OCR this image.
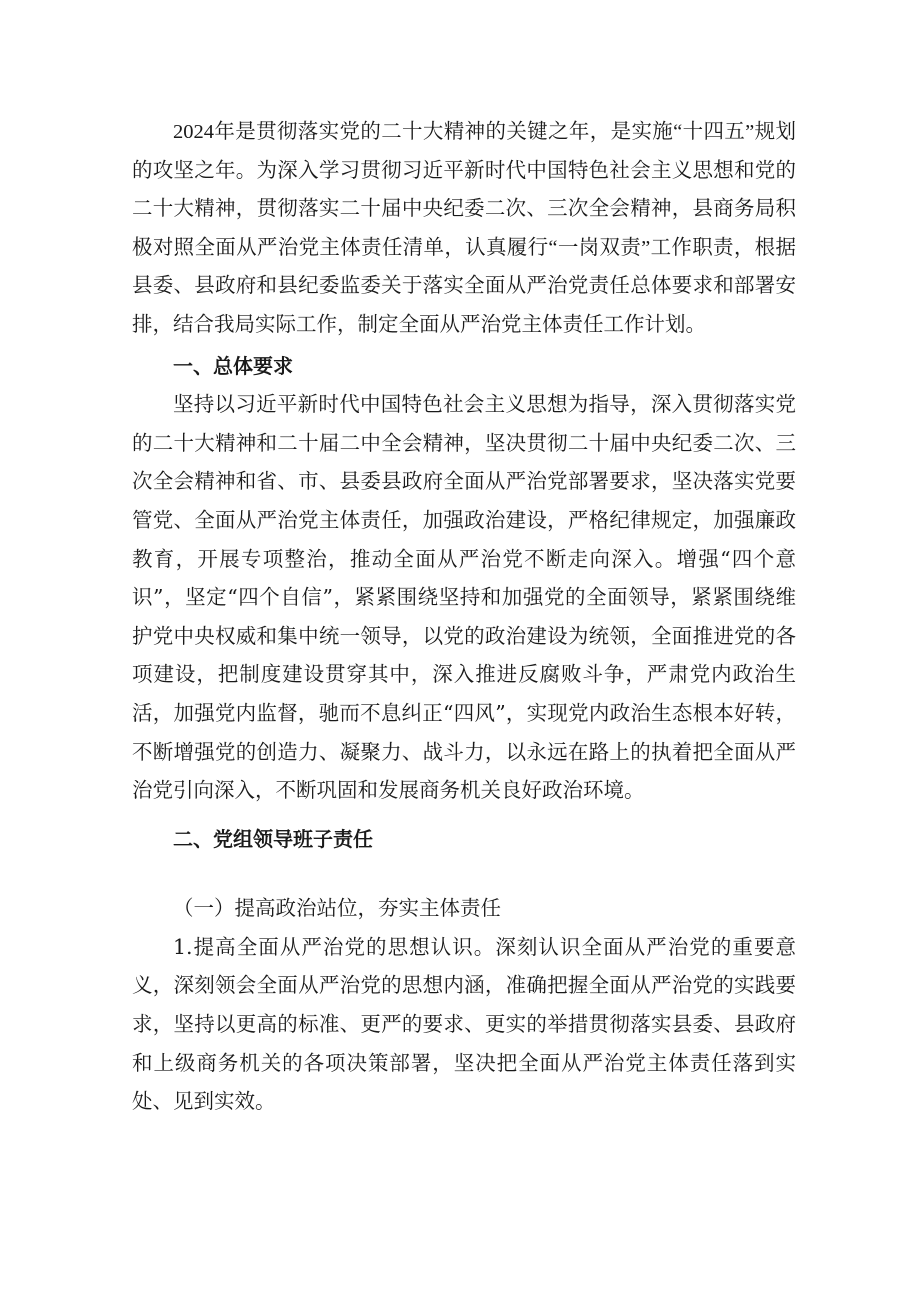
2024年是贯彻落实党的二十大精神的关键之年，是实施“十四五”规划的攻坚之年。为深入学习贯彻习近平新时代中国特色社会主义思想和党的二十大精神，贯彻落实二十届中央纪委二次、三次全会精神，县商务局积极对照全面从严治党主体责任清单，认真履行“一岗双责”工作职责，根据县委、县政府和县纪委监委关于落实全面从严治党责任总体要求和部署安排，结合我局实际工作，制定全面从严治党主体责任工作计划。

一、总体要求

坚持以习近平新时代中国特色社会主义思想为指导，深入贯彻落实党的二十大精神和二十届二中全会精神，坚决贯彻二十届中央纪委二次、三次全会精神和省、市、县委县政府全面从严治党部署要求，坚决落实党要管党、全面从严治党主体责任，加强政治建设，严格纪律规定，加强廉政教育，开展专项整治，推动全面从严治党不断走向深入。增强“四个意识”，坚定“四个自信”，紧紧围绕坚持和加强党的全面领导，紧紧围绕维护党中央权威和集中统一领导，以党的政治建设为统领，全面推进党的各项建设，把制度建设贯穿其中，深入推进反腐败斗争，严肃党内政治生活，加强党内监督，驰而不息纠正“四风”，实现党内政治生态根本好转，不断增强党的创造力、凝聚力、战斗力，以永远在路上的执着把全面从严治党引向深入，不断巩固和发展商务机关良好政治环境。

二、党组领导班子责任

（一）提高政治站位，夯实主体责任

1.提高全面从严治党的思想认识。深刻认识全面从严治党的重要意义，深刻领会全面从严治党的思想内涵，准确把握全面从严治党的实践要求，坚持以更高的标准、更严的要求、更实的举措贯彻落实县委、县政府和上级商务机关的各项决策部署，坚决把全面从严治党主体责任落到实处、见到实效。
